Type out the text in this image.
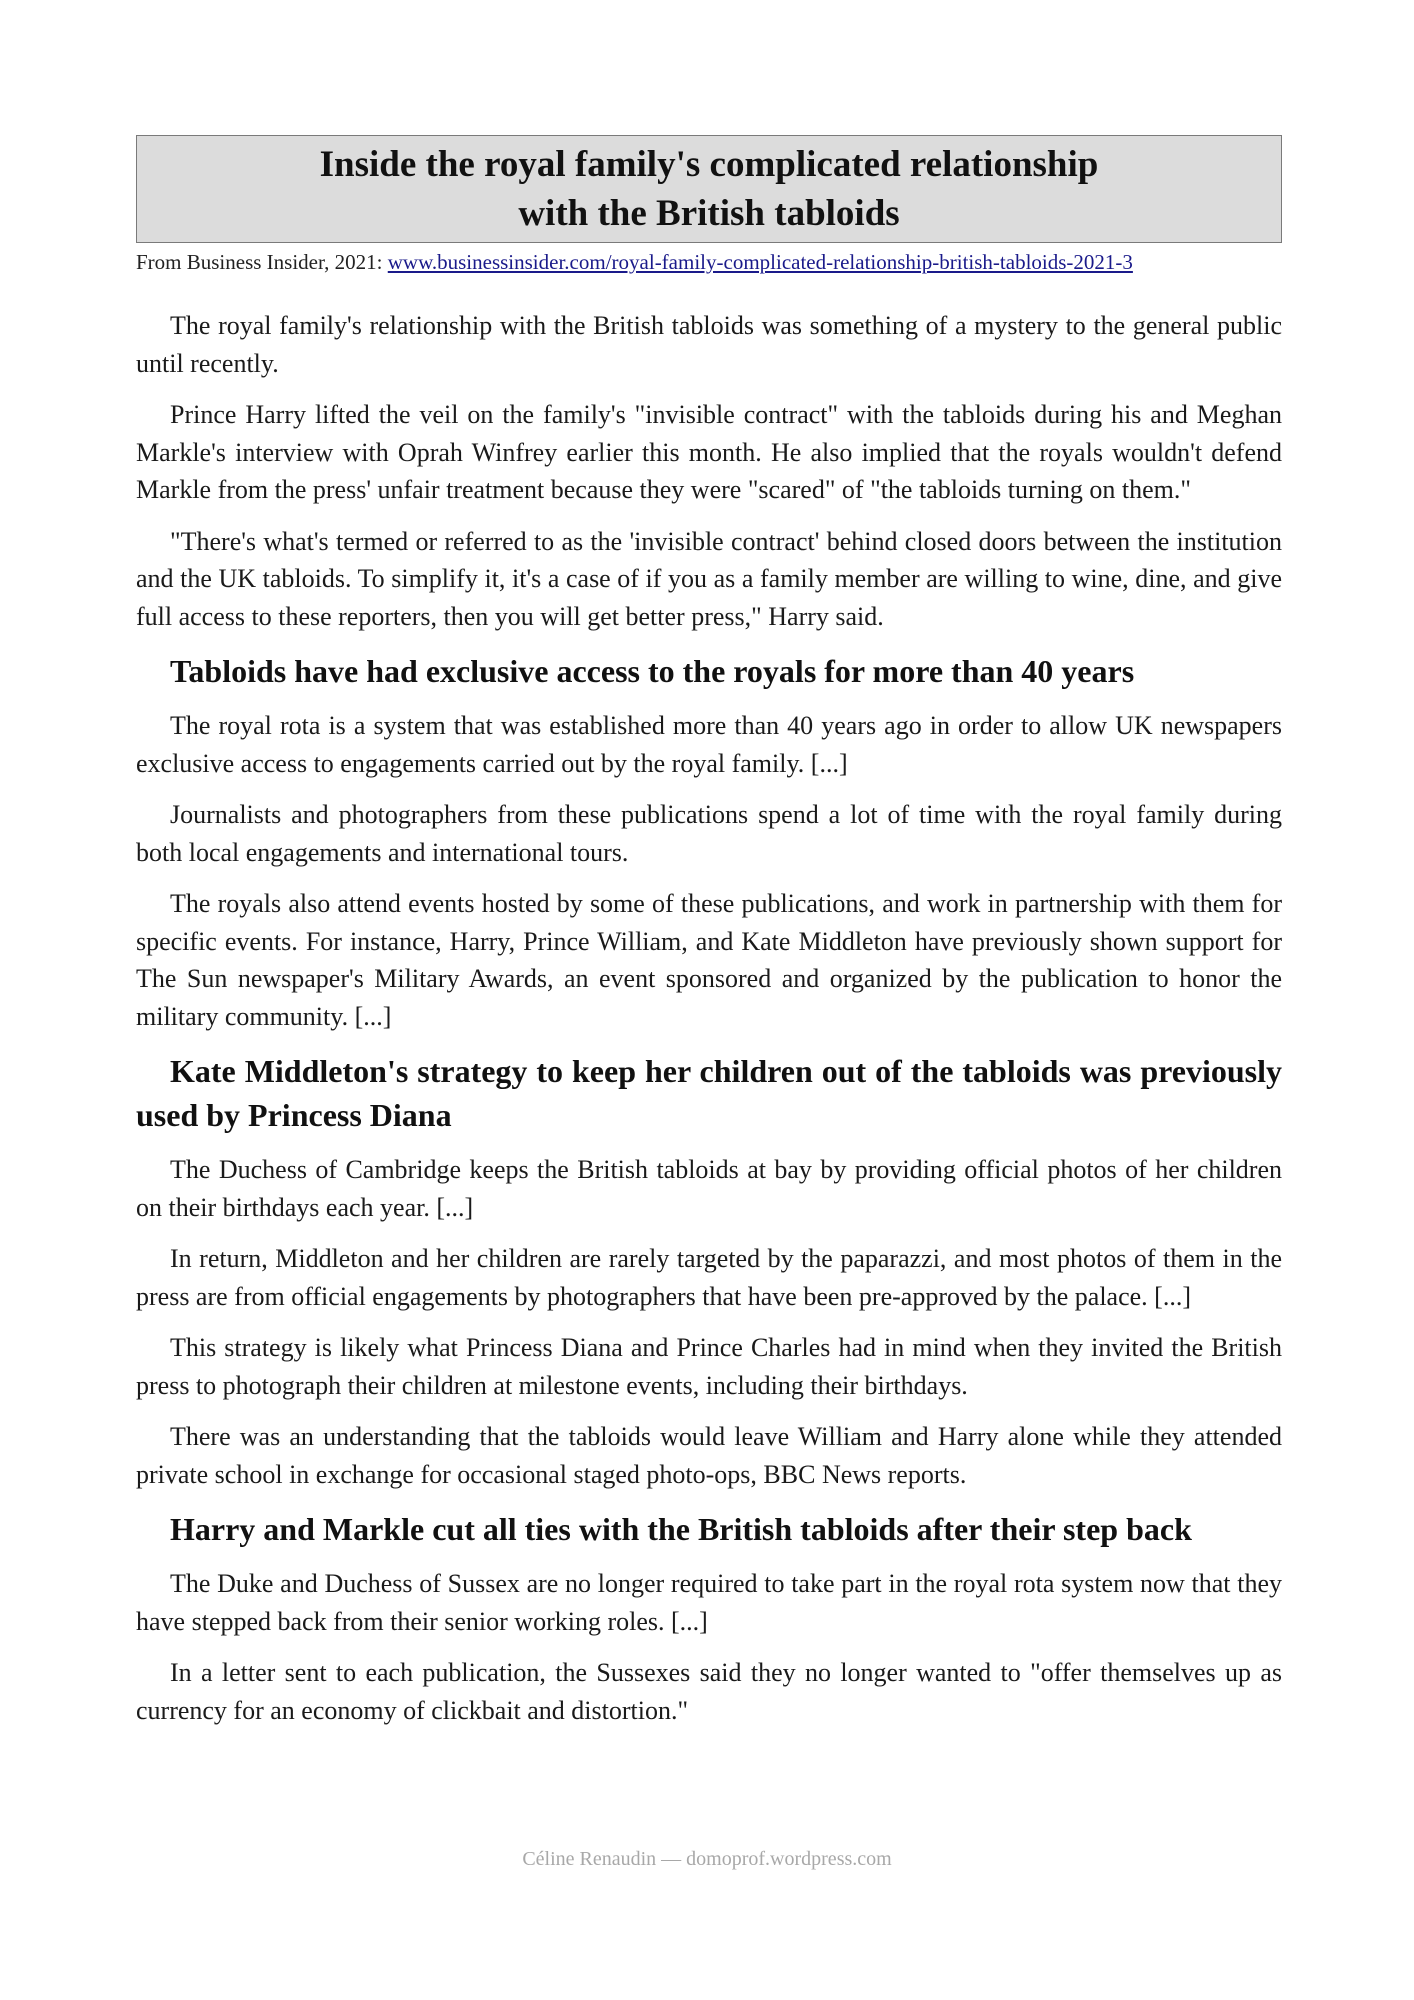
Inside the royal family's complicated relationship
with the British tabloids
From Business Insider, 2021: www.businessinsider.com/royal-family-complicated-relationship-british-tabloids-2021-3

The royal family's relationship with the British tabloids was something of a mystery to the general public until recently.

Prince Harry lifted the veil on the family's "invisible contract" with the tabloids during his and Meghan Markle's interview with Oprah Winfrey earlier this month. He also implied that the royals wouldn't defend Markle from the press' unfair treatment because they were "scared" of "the tabloids turning on them."

"There's what's termed or referred to as the 'invisible contract' behind closed doors between the institution and the UK tabloids. To simplify it, it's a case of if you as a family member are willing to wine, dine, and give full access to these reporters, then you will get better press," Harry said.

Tabloids have had exclusive access to the royals for more than 40 years

The royal rota is a system that was established more than 40 years ago in order to allow UK newspapers exclusive access to engagements carried out by the royal family. [...]

Journalists and photographers from these publications spend a lot of time with the royal family during both local engagements and international tours.

The royals also attend events hosted by some of these publications, and work in partnership with them for specific events. For instance, Harry, Prince William, and Kate Middleton have previously shown support for The Sun newspaper's Military Awards, an event sponsored and organized by the publication to honor the military community. [...]

Kate Middleton's strategy to keep her children out of the tabloids was previously used by Princess Diana

The Duchess of Cambridge keeps the British tabloids at bay by providing official photos of her children on their birthdays each year. [...]

In return, Middleton and her children are rarely targeted by the paparazzi, and most photos of them in the press are from official engagements by photographers that have been pre-approved by the palace. [...]

This strategy is likely what Princess Diana and Prince Charles had in mind when they invited the British press to photograph their children at milestone events, including their birthdays.

There was an understanding that the tabloids would leave William and Harry alone while they attended private school in exchange for occasional staged photo-ops, BBC News reports.

Harry and Markle cut all ties with the British tabloids after their step back

The Duke and Duchess of Sussex are no longer required to take part in the royal rota system now that they have stepped back from their senior working roles. [...]

In a letter sent to each publication, the Sussexes said they no longer wanted to "offer themselves up as currency for an economy of clickbait and distortion."

Céline Renaudin — domoprof.wordpress.com
